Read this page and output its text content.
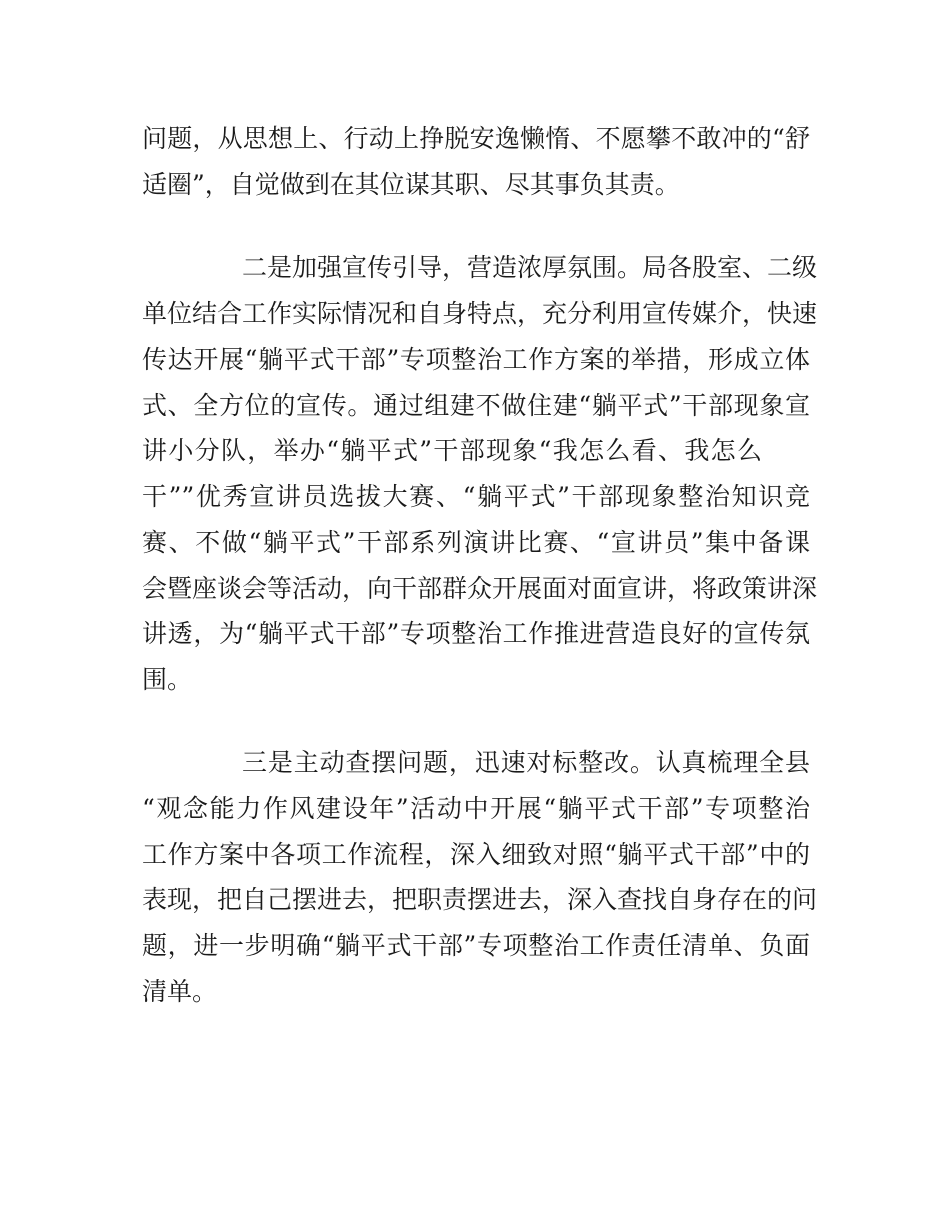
问题，从思想上、行动上挣脱安逸懒惰、不愿攀不敢冲的“舒
适圈”，自觉做到在其位谋其职、尽其事负其责。
二是加强宣传引导，营造浓厚氛围。局各股室、二级
单位结合工作实际情况和自身特点，充分利用宣传媒介，快速
传达开展“躺平式干部”专项整治工作方案的举措，形成立体
式、全方位的宣传。通过组建不做住建“躺平式”干部现象宣
讲小分队，举办“躺平式”干部现象“我怎么看、我怎么
干””优秀宣讲员选拔大赛、“躺平式”干部现象整治知识竞
赛、不做“躺平式”干部系列演讲比赛、“宣讲员”集中备课
会暨座谈会等活动，向干部群众开展面对面宣讲，将政策讲深
讲透，为“躺平式干部”专项整治工作推进营造良好的宣传氛
围。
三是主动查摆问题，迅速对标整改。认真梳理全县
“观念能力作风建设年”活动中开展“躺平式干部”专项整治
工作方案中各项工作流程，深入细致对照“躺平式干部”中的
表现，把自己摆进去，把职责摆进去，深入查找自身存在的问
题，进一步明确“躺平式干部”专项整治工作责任清单、负面
清单。
